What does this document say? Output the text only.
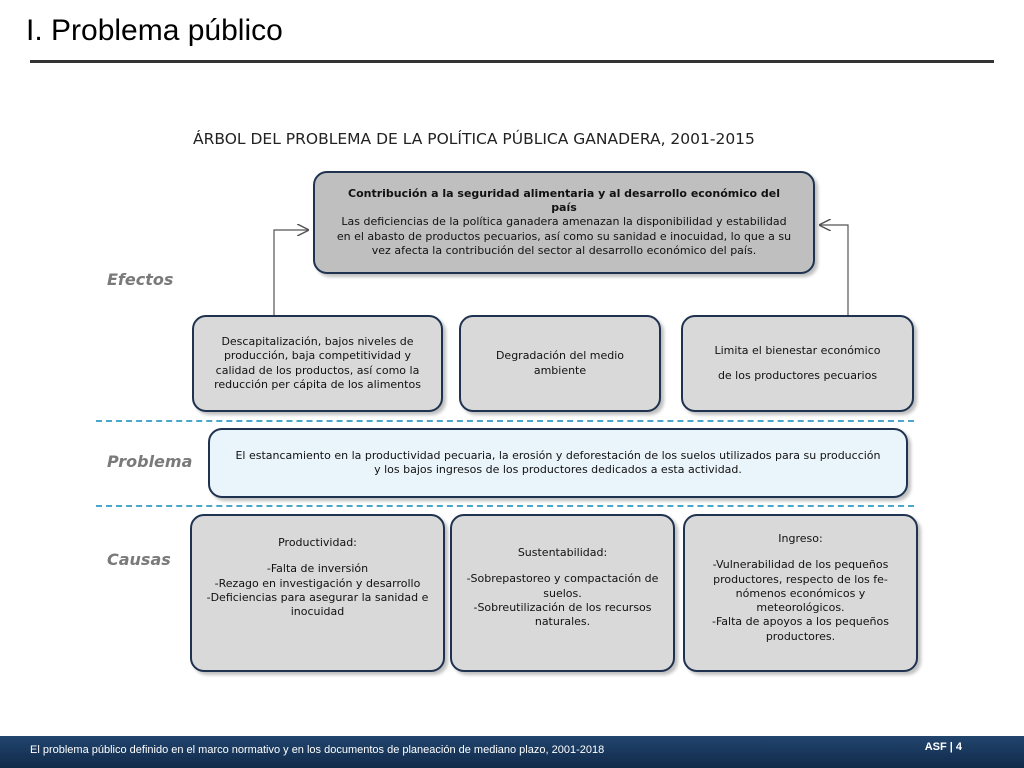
I. Problema público
ÁRBOL DEL PROBLEMA DE LA POLÍTICA PÚBLICA GANADERA, 2001-2015
Contribución a la seguridad alimentaria y al desarrollo económico del país
Las deficiencias de la política ganadera amenazan la disponibilidad y estabilidad en el abasto de productos pecuarios, así como su sanidad e inocuidad, lo que a su vez afecta la contribución del sector al desarrollo económico del país.
Efectos
Problema
Causas
Descapitalización, bajos niveles de producción, baja competitividad y calidad de los productos, así como la reducción per cápita de los alimentos
Degradación del medio ambiente

Limita el bienestar económico

de los productores pecuarios

El estancamiento en la productividad pecuaria, la erosión y deforestación de los suelos utilizados para su producción y los bajos ingresos de los productores dedicados a esta actividad.
Productividad:
-Falta de inversión
-Rezago en investigación y desarrollo
-Deficiencias para asegurar la sanidad e inocuidad
Sustentabilidad:
-Sobrepastoreo y compactación de suelos.
-Sobreutilización de los recursos naturales.
Ingreso:
-Vulnerabilidad de los pequeños productores, respecto de los fe-nómenos económicos y meteorológicos.
-Falta de apoyos a los pequeños productores.
El problema público definido en el marco normativo y en los documentos de planeación de mediano plazo, 2001-2018	ASF | 4
